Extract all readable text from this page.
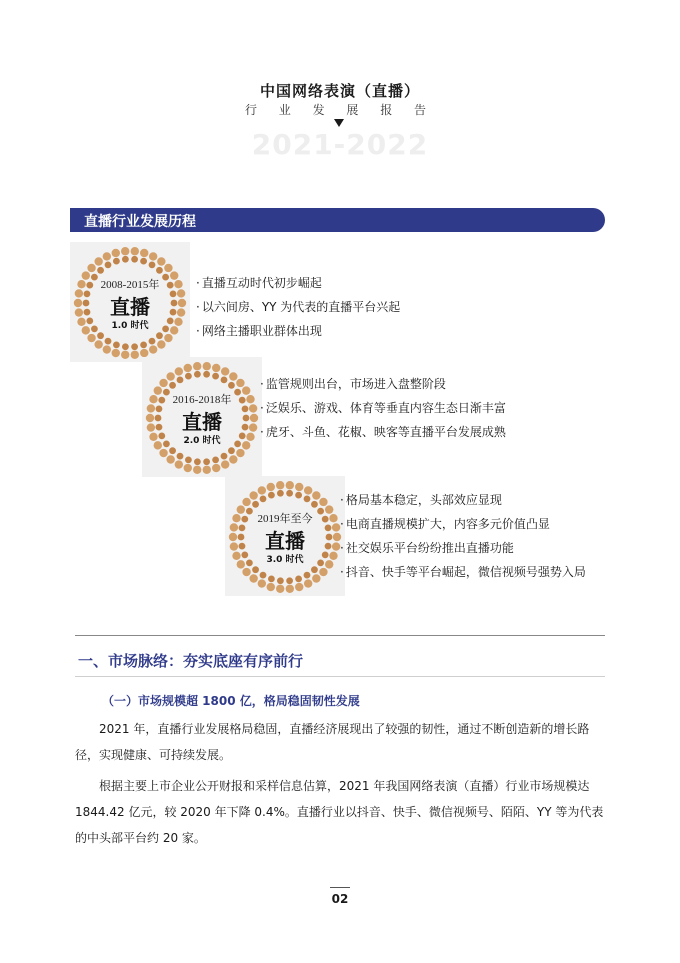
中国网络表演（直播）
行 业 发 展 报 告
2021-2022
直播行业发展历程
2008-2015年
直播
1.0 时代
· 直播互动时代初步崛起
· 以六间房、YY 为代表的直播平台兴起
· 网络主播职业群体出现
2016-2018年
直播
2.0 时代
· 监管规则出台，市场进入盘整阶段
· 泛娱乐、游戏、体育等垂直内容生态日渐丰富
· 虎牙、斗鱼、花椒、映客等直播平台发展成熟
2019年至今
直播
3.0 时代
· 格局基本稳定，头部效应显现
· 电商直播规模扩大，内容多元价值凸显
· 社交娱乐平台纷纷推出直播功能
· 抖音、快手等平台崛起，微信视频号强势入局
一、市场脉络：夯实底座有序前行
（一）市场规模超 1800 亿，格局稳固韧性发展

2021 年，直播行业发展格局稳固，直播经济展现出了较强的韧性，通过不断创造新的增长路径，实现健康、可持续发展。

根据主要上市企业公开财报和采样信息估算，2021 年我国网络表演（直播）行业市场规模达 1844.42 亿元，较 2020 年下降 0.4%。直播行业以抖音、快手、微信视频号、陌陌、YY 等为代表的中头部平台约 20 家。

02
